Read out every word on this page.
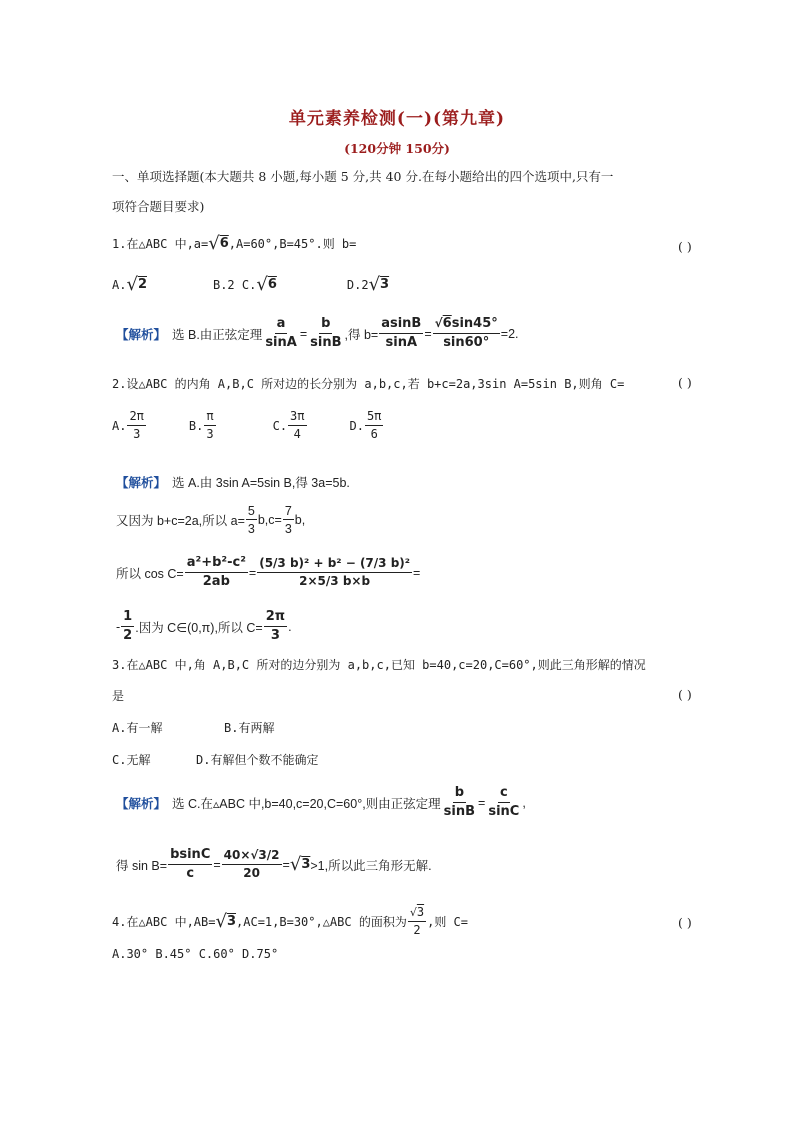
单元素养检测(一)(第九章)
(120分钟 150分)
一、单项选择题(本大题共 8 小题,每小题 5 分,共 40 分.在每小题给出的四个选项中,只有一
项符合题目要求)
1.在△ABC 中,a= √ 6 ,A=60°,B=45°.则 b=	( )
A. √ 2	B.2 C. √ 6	D.2 √ 3
【解析】 选 B.由正弦定理 $\frac{a}{\sin A} = \frac{b}{\sin B}$ ,得 $b= \frac{asinB}{\sin A} = \frac{√6\sin 45^\circ}{\sin 60^\circ} =2$.
2.设△ABC 的内角 A,B,C 所对边的长分别为 a,b,c,若 b+c=2a,3sin A=5sin B,则角 C=	( )
A. $\frac{2\pi}{3}$	B. $\frac{\pi}{3}$	C. $\frac{3\pi}{4}$	D. $\frac{5\pi}{6}$
【解析】 选 A.由 3sin A=5sin B,得 3a=5b.
又因为 b+c=2a,所以 $a= \frac{5}{3} b,c= \frac{7}{3} b$,
所以 $\cos C= \frac{\text{a²+b²-c²}}{2ab} = \frac{\text{(5/3 b)² + b² − (7/3 b)²}}{2\times 5/3 b\times b}$ =
- $\frac{1}{2}$ .因为 C∈(0,π),所以 $C= \frac{2\pi}{3}$ .
3.在△ABC 中,角 A,B,C 所对的边分别为 a,b,c,已知 b=40,c=20,C=60°,则此三角形解的情况
是	( )
A.有一解	B.有两解
C.无解	D.有解但个数不能确定
【解析】 选 C.在▵ABC 中,b=40,c=20,C=60°,则由正弦定理 $\frac{b}{\sin B} = \frac{c}{\sin C}$ ,
得 $\sin B= \frac{bsinC}{c} = \frac{40\times√3/2}{20}$ = √ 3 >1,所以此三角形无解.
4.在△ABC 中,AB= √ 3 ,AC=1,B=30°,△ABC 的面积为 $\frac{√3}{2}$ ,则 C=	( )
A.30° B.45° C.60° D.75°
